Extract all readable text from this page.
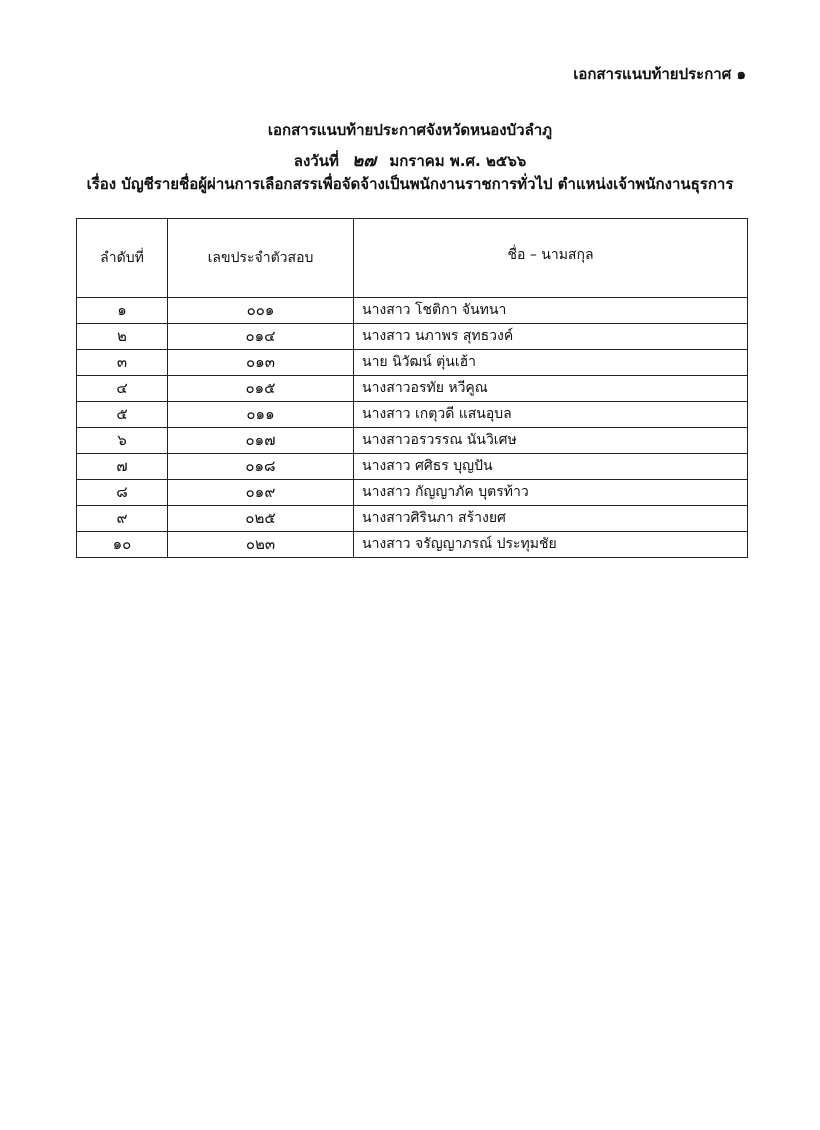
เอกสารแนบท้ายประกาศ ๑
เอกสารแนบท้ายประกาศจังหวัดหนองบัวลำภู
ลงวันที่ ๒๗ มกราคม พ.ศ. ๒๕๖๖
เรื่อง บัญชีรายชื่อผู้ผ่านการเลือกสรรเพื่อจัดจ้างเป็นพนักงานราชการทั่วไป ตำแหน่งเจ้าพนักงานธุรการ
ลำดับที่	เลขประจำตัวสอบ	ชื่อ – นามสกุล
๑	๐๐๑	นางสาว โชติกา จันทนา
๒	๐๑๔	นางสาว นภาพร สุทธวงค์
๓	๐๑๓	นาย นิวัฒน์ ตุ่นเฮ้า
๔	๐๑๕	นางสาวอรทัย หวีคูณ
๕	๐๑๑	นางสาว เกตุวดี แสนอุบล
๖	๐๑๗	นางสาวอรวรรณ นันวิเศษ
๗	๐๑๘	นางสาว ศศิธร บุญปัน
๘	๐๑๙	นางสาว กัญญาภัค บุตรท้าว
๙	๐๒๕	นางสาวศิรินภา สร้างยศ
๑๐	๐๒๓	นางสาว จรัญญาภรณ์ ประทุมชัย
